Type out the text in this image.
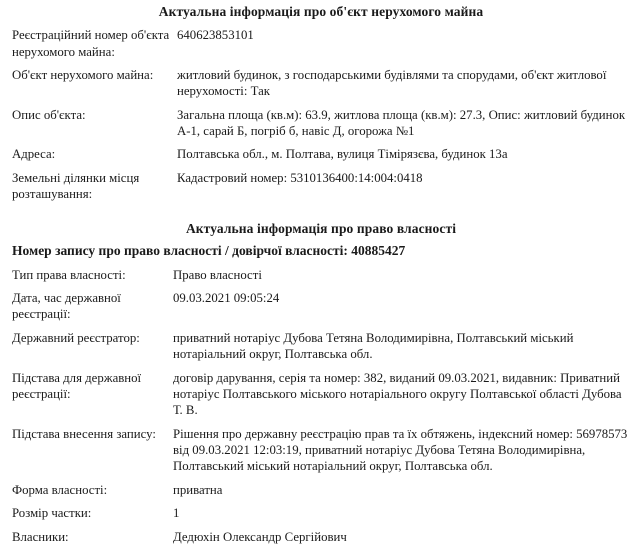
Актуальна інформація про об'єкт нерухомого майна
Реєстраційний номер об'єкта нерухомого майна:	640623853101
Об'єкт нерухомого майна:	житловий будинок, з господарськими будівлями та спорудами, об'єкт житлової нерухомості: Так
Опис об'єкта:	Загальна площа (кв.м): 63.9, житлова площа (кв.м): 27.3, Опис: житловий будинок А-1, сарай Б, погріб б, навіс Д, огорожа №1
Адреса:	Полтавська обл., м. Полтава, вулиця Тімірязєва, будинок 13а
Земельні ділянки місця розташування:	Кадастровий номер: 5310136400:14:004:0418
Актуальна інформація про право власності

Номер запису про право власності / довірчої власності: 40885427

Тип права власності:	Право власності
Дата, час державної реєстрації:	09.03.2021 09:05:24
Державний реєстратор:	приватний нотаріус Дубова Тетяна Володимирівна, Полтавський міський нотаріальний округ, Полтавська обл.
Підстава для державної реєстрації:	договір дарування, серія та номер: 382, виданий 09.03.2021, видавник: Приватний нотаріус Полтавського міського нотаріального округу Полтавської області Дубова Т. В.
Підстава внесення запису:	Рішення про державну реєстрацію прав та їх обтяжень, індексний номер: 56978573 від 09.03.2021 12:03:19, приватний нотаріус Дубова Тетяна Володимирівна, Полтавський міський нотаріальний округ, Полтавська обл.
Форма власності:	приватна
Розмір частки:	1
Власники:	Дедюхін Олександр Сергійович
